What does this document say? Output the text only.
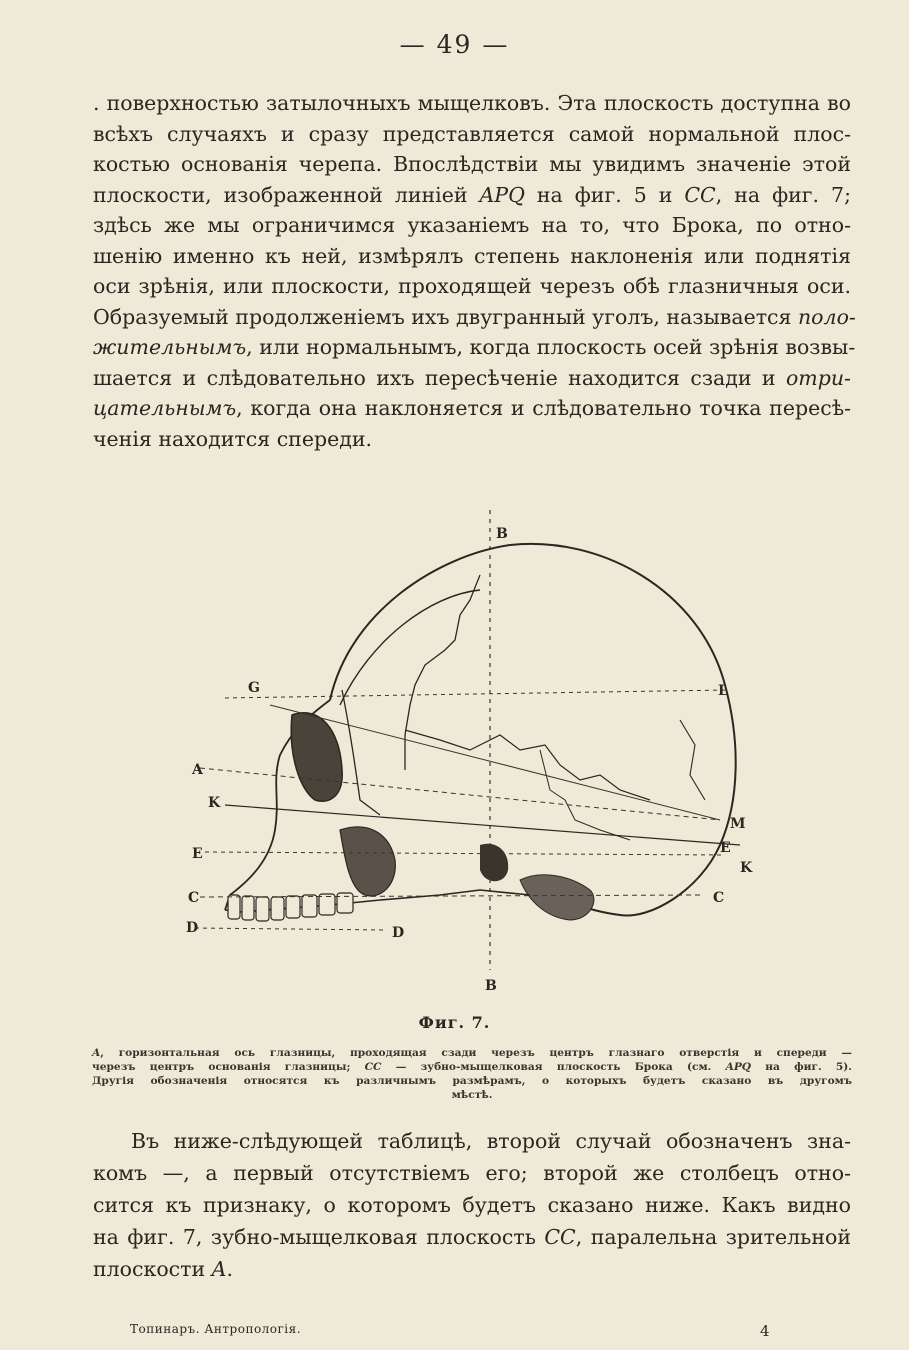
— 49 —
. поверхностью затылочныхъ мыщелковъ. Эта плоскость доступна во
всѣхъ случаяхъ и сразу представляется самой нормальной плос-
костью основанія черепа. Впослѣдствіи мы увидимъ значеніе этой
плоскости, изображенной линіей APQ на фиг. 5 и CC, на фиг. 7;
здѣсь же мы ограничимся указаніемъ на то, что Брока, по отно-
шенію именно къ ней, измѣрялъ степень наклоненія или поднятія
оси зрѣнія, или плоскости, проходящей черезъ обѣ глазничныя оси.
Образуемый продолженіемъ ихъ двугранный уголъ, называется поло-
жительнымъ, или нормальнымъ, когда плоскость осей зрѣнія возвы-
шается и слѣдовательно ихъ пересѣченіе находится сзади и отри-
цательнымъ, когда она наклоняется и слѣдовательно точка пересѣ-
ченія находится спереди.
B
B
G	L
A
K
M
E	E
K
C	C
D	D
Фиг. 7.
A, горизонтальная ось глазницы, проходящая сзади черезъ центръ глазнаго отверстія и спереди —
черезъ центръ основанія глазницы; CC — зубно-мыщелковая плоскость Брока (см. APQ на фиг. 5).
Другія обозначенія относятся къ различнымъ размѣрамъ, о которыхъ будетъ сказано въ другомъ
мѣстѣ.
Въ ниже-слѣдующей таблицѣ, второй случай обозначенъ зна-
комъ —, а первый отсутствіемъ его; второй же столбецъ отно-
сится къ признаку, о которомъ будетъ сказано ниже. Какъ видно
на фиг. 7, зубно-мыщелковая плоскость CC, паралельна зрительной
плоскости A.
Топинаръ. Антропологія.	4
